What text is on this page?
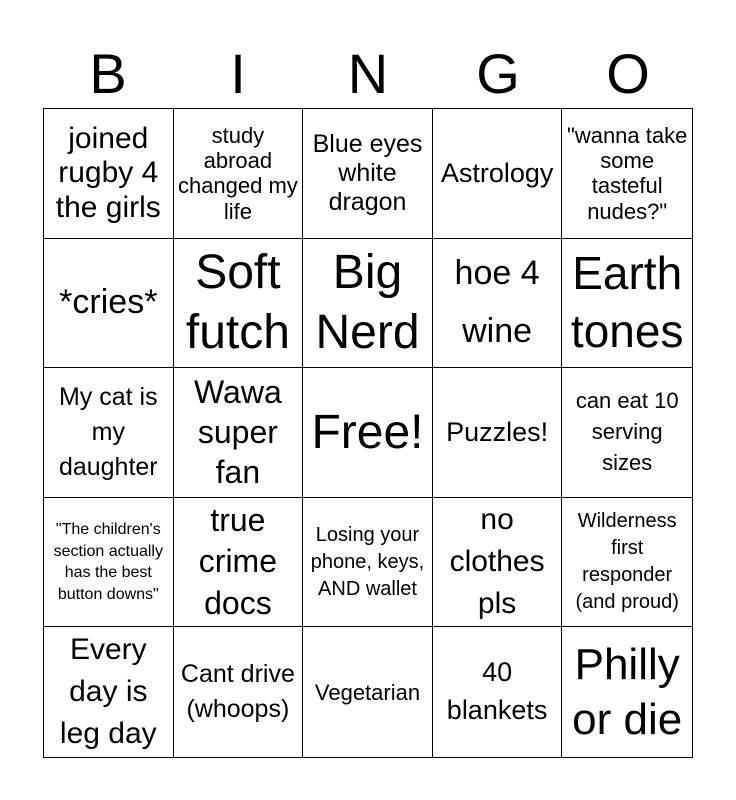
B	I	N	G	O
joined rugby 4 the girls
study abroad changed my life
Blue eyes white dragon
Astrology
"wanna take some tasteful nudes?"
*cries*
Soft futch
Big Nerd
hoe 4 wine
Earth tones
My cat is my daughter
Wawa super fan
Free! Puzzles!
can eat 10 serving sizes
"The children's section actually has the best button downs"
true crime docs
Losing your phone, keys, AND wallet
no clothes pls
Wilderness first responder (and proud)
Every day is leg day
Cant drive (whoops)
Vegetarian
40 blankets
Philly or die
